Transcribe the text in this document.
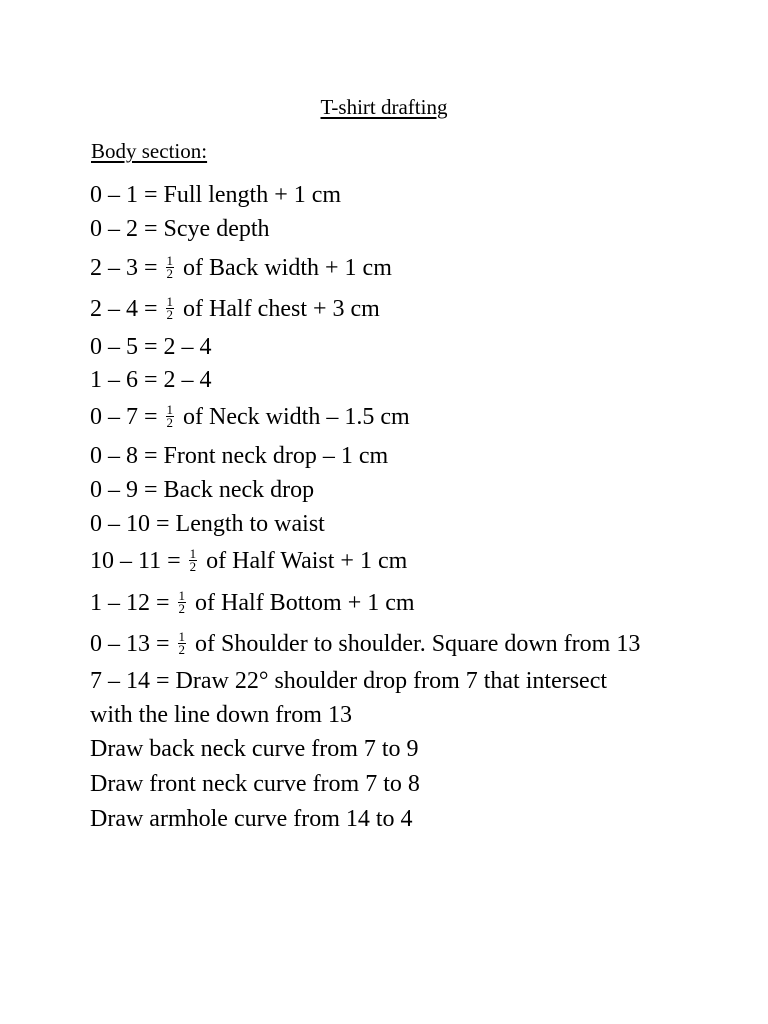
T-shirt drafting
Body section:
0 – 1 = Full length + 1 cm
0 – 2 = Scye depth
$2 - 3 = \frac{1}{2}$ of Back width + 1 cm
$2 - 4 = \frac{1}{2}$ of Half chest + 3 cm
0 – 5 = 2 – 4
1 – 6 = 2 – 4
$0 - 7 = \frac{1}{2}$ of Neck width – 1.5 cm
0 – 8 = Front neck drop – 1 cm
0 – 9 = Back neck drop
0 – 10 = Length to waist
$10 - 11 = \frac{1}{2}$ of Half Waist + 1 cm
$1 - 12 = \frac{1}{2}$ of Half Bottom + 1 cm
$0 - 13 = \frac{1}{2}$ of Shoulder to shoulder. Square down from 13
7 – 14 = Draw 22° shoulder drop from 7 that intersect
with the line down from 13
Draw back neck curve from 7 to 9
Draw front neck curve from 7 to 8
Draw armhole curve from 14 to 4
